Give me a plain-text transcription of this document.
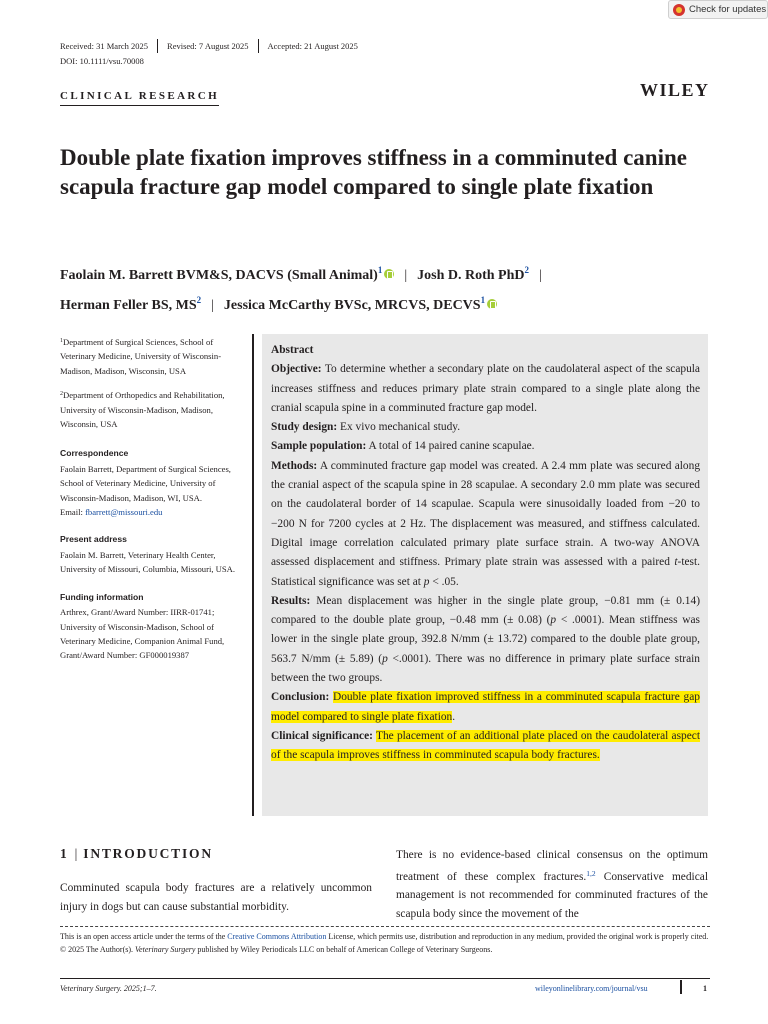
Check for updates
Received: 31 March 2025 Revised: 7 August 2025 Accepted: 21 August 2025
DOI: 10.1111/vsu.70008
CLINICAL RESEARCH	WILEY
Double plate fixation improves stiffness in a comminuted canine scapula fracture gap model compared to single plate fixation
Faolain M. Barrett BVM&S, DACVS (Small Animal)$^1$ | Josh D. Roth PhD$^2$ |
Herman Feller BS, $MS^2$ | Jessica McCarthy BVSc, MRCVS, DECVS$^1$
$^1$Department of Surgical Sciences, School of Veterinary Medicine, University of Wisconsin-Madison, Madison, Wisconsin, USA
$^2$Department of Orthopedics and Rehabilitation, University of Wisconsin-Madison, Madison, Wisconsin, USA
Correspondence
Faolain Barrett, Department of Surgical Sciences, School of Veterinary Medicine, University of Wisconsin-Madison, Madison, WI, USA.
Email: fbarrett@missouri.edu
Present address
Faolain M. Barrett, Veterinary Health Center, University of Missouri, Columbia, Missouri, USA.
Funding information
Arthrex, Grant/Award Number: IIRR-01741; University of Wisconsin-Madison, School of Veterinary Medicine, Companion Animal Fund, Grant/Award Number: GF000019387
Abstract
Objective: To determine whether a secondary plate on the caudolateral aspect of the scapula increases stiffness and reduces primary plate strain compared to a single plate along the cranial scapula spine in a comminuted fracture gap model.
Study design: Ex vivo mechanical study.
Sample population: A total of 14 paired canine scapulae.
Methods: A comminuted fracture gap model was created. A 2.4 mm plate was secured along the cranial aspect of the scapula spine in 28 scapulae. A secondary 2.0 mm plate was secured on the caudolateral border of 14 scapulae. Scapula were sinusoidally loaded from −20 to −200 N for 7200 cycles at 2 Hz. The displacement was measured, and stiffness calculated. Digital image correlation calculated primary plate surface strain. A two-way ANOVA assessed displacement and stiffness. Primary plate strain was assessed with a paired t-test. Statistical significance was set at p < .05.
Results: Mean displacement was higher in the single plate group, −0.81 mm (± 0.14) compared to the double plate group, −0.48 mm (± 0.08) (p < .0001). Mean stiffness was lower in the single plate group, 392.8 N/mm (± 13.72) compared to the double plate group, 563.7 N/mm (± 5.89) (p <.0001). There was no difference in primary plate surface strain between the two groups.
Conclusion: Double plate fixation improved stiffness in a comminuted scapula fracture gap model compared to single plate fixation.
Clinical significance: The placement of an additional plate placed on the caudolateral aspect of the scapula improves stiffness in comminuted scapula body fractures.
1 | INTRODUCTION

Comminuted scapula body fractures are a relatively uncommon injury in dogs but can cause substantial morbidity.

There is no evidence-based clinical consensus on the optimum treatment of these complex fractures.$^{1,2}$ Conservative medical management is not recommended for comminuted fractures of the scapula body since the movement of the

This is an open access article under the terms of the Creative Commons Attribution License, which permits use, distribution and reproduction in any medium, provided the original work is properly cited.
© 2025 The Author(s). Veterinary Surgery published by Wiley Periodicals LLC on behalf of American College of Veterinary Surgeons.
Veterinary Surgery. 2025;1–7.	wileyonlinelibrary.com/journal/vsu	1
